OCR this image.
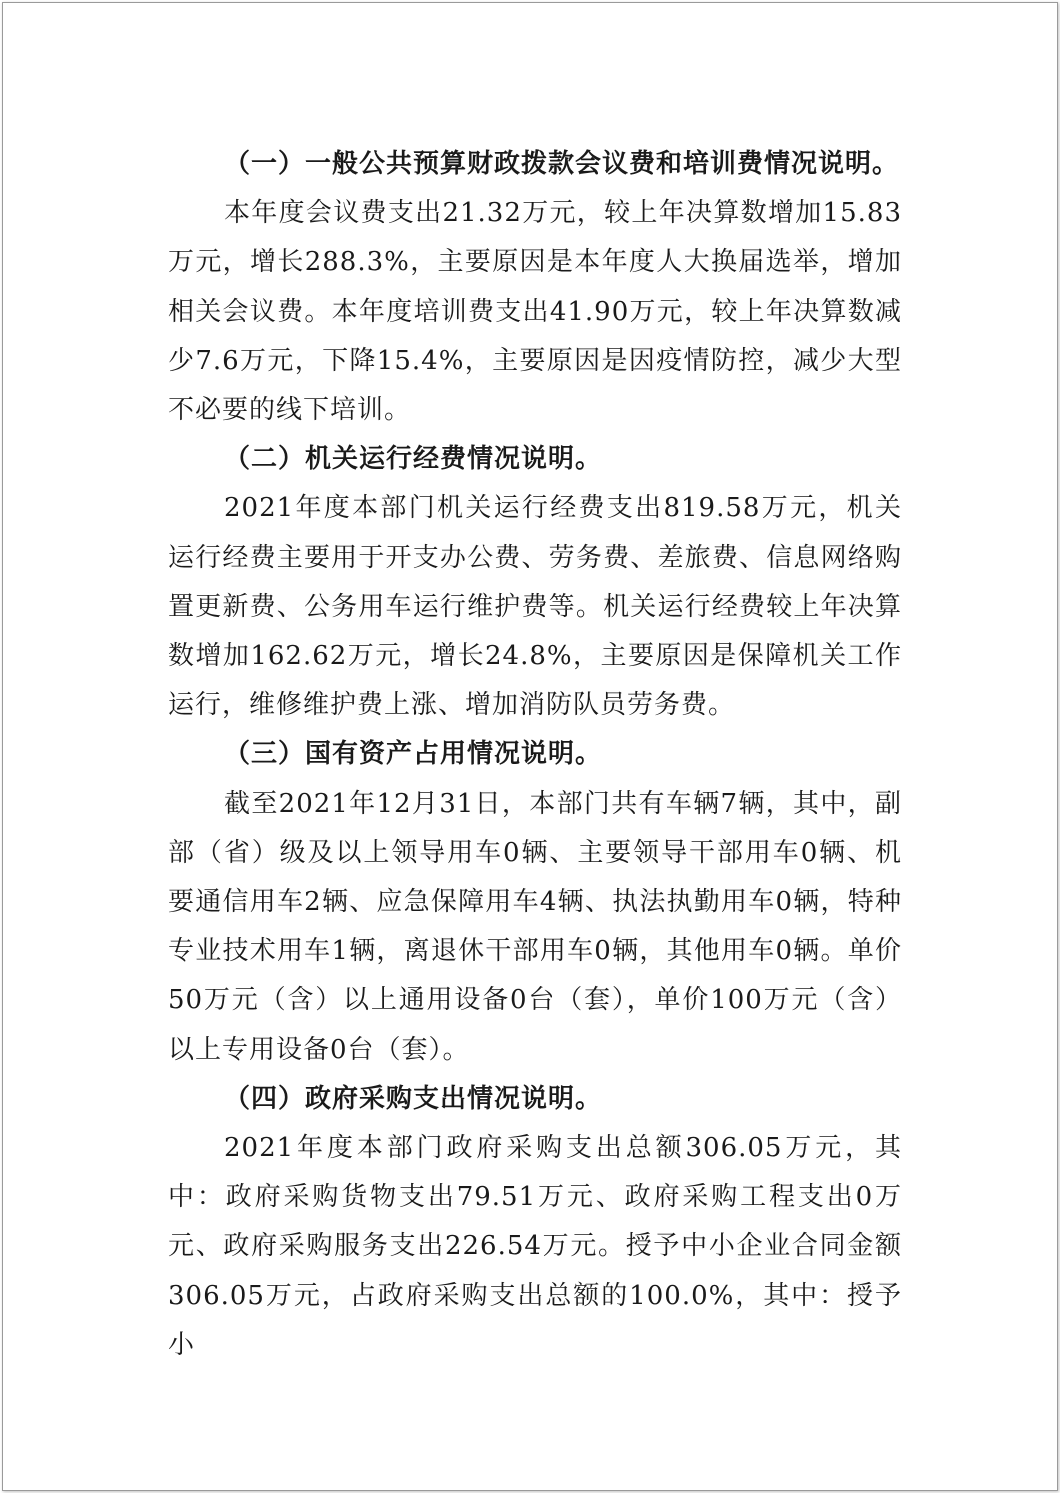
（一）一般公共预算财政拨款会议费和培训费情况说明。

本年度会议费支出21.32万元，较上年决算数增加15.83万元，增长288.3%，主要原因是本年度人大换届选举，增加相关会议费。本年度培训费支出41.90万元，较上年决算数减少7.6万元，下降15.4%，主要原因是因疫情防控，减少大型不必要的线下培训。

（二）机关运行经费情况说明。

2021年度本部门机关运行经费支出819.58万元，机关运行经费主要用于开支办公费、劳务费、差旅费、信息网络购置更新费、公务用车运行维护费等。机关运行经费较上年决算数增加162.62万元，增长24.8%，主要原因是保障机关工作运行，维修维护费上涨、增加消防队员劳务费。

（三）国有资产占用情况说明。

截至2021年12月31日，本部门共有车辆7辆，其中，副部（省）级及以上领导用车0辆、主要领导干部用车0辆、机要通信用车2辆、应急保障用车4辆、执法执勤用车0辆，特种专业技术用车1辆，离退休干部用车0辆，其他用车0辆。单价50万元（含）以上通用设备0台（套），单价100万元（含）以上专用设备0台（套）。

（四）政府采购支出情况说明。

2021年度本部门政府采购支出总额306.05万元，其中：政府采购货物支出79.51万元、政府采购工程支出0万元、政府采购服务支出226.54万元。授予中小企业合同金额306.05万元，占政府采购支出总额的100.0%，其中：授予小
